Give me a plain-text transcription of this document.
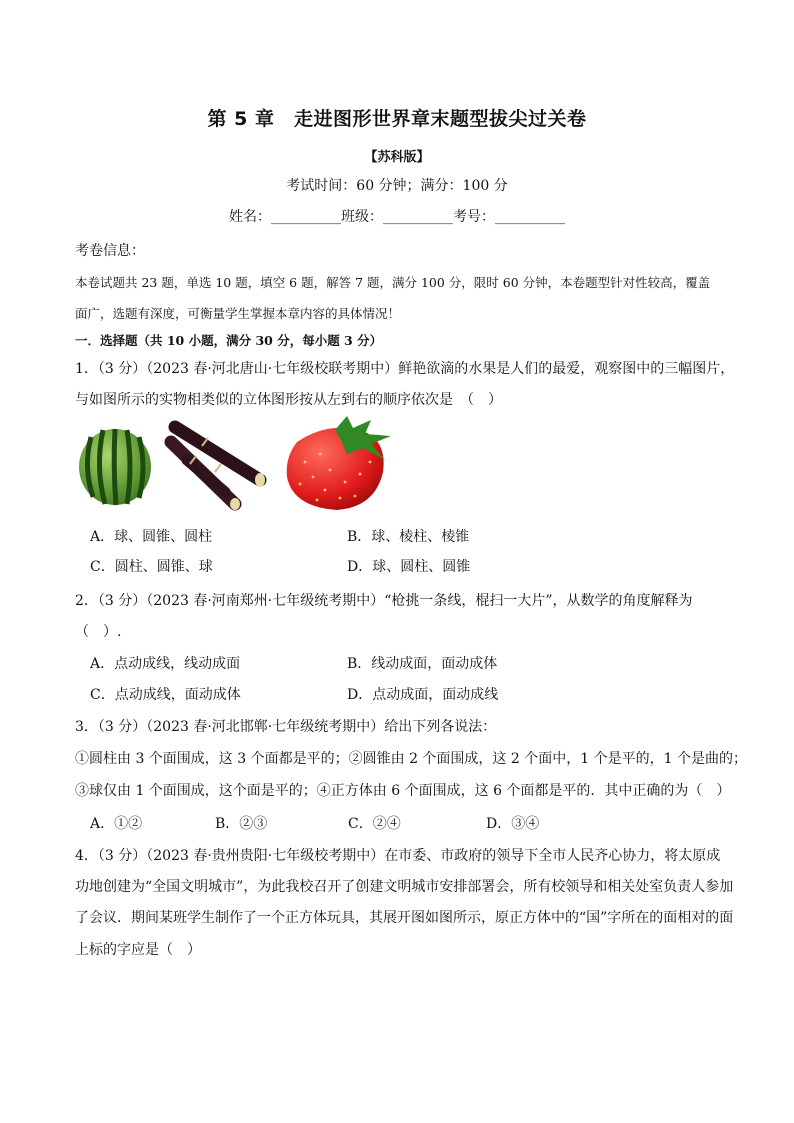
第 5 章　走进图形世界章末题型拔尖过关卷
【苏科版】
考试时间：60 分钟；满分：100 分
姓名：__________班级：__________考号：__________
考卷信息：
本卷试题共 23 题，单选 10 题，填空 6 题，解答 7 题，满分 100 分，限时 60 分钟，本卷题型针对性较高，覆盖
面广，选题有深度，可衡量学生掌握本章内容的具体情况！
一．选择题（共 10 小题，满分 30 分，每小题 3 分）
1．（3 分）（2023 春·河北唐山·七年级校联考期中）鲜艳欲滴的水果是人们的最爱，观察图中的三幅图片，
与如图所示的实物相类似的立体图形按从左到右的顺序依次是　（　）
A．球、圆锥、圆柱	B．球、棱柱、棱锥
C．圆柱、圆锥、球	D．球、圆柱、圆锥
2．（3 分）（2023 春·河南郑州·七年级统考期中）“枪挑一条线，棍扫一大片”，从数学的角度解释为
（　）.
A．点动成线，线动成面	B．线动成面，面动成体
C．点动成线，面动成体	D．点动成面，面动成线
3．（3 分）（2023 春·河北邯郸·七年级统考期中）给出下列各说法：
①圆柱由 3 个面围成，这 3 个面都是平的；②圆锥由 2 个面围成，这 2 个面中，1 个是平的，1 个是曲的；
③球仅由 1 个面围成，这个面是平的；④正方体由 6 个面围成，这 6 个面都是平的．其中正确的为（　）
A．①②	B．②③	C．②④	D．③④
4．（3 分）（2023 春·贵州贵阳·七年级校考期中）在市委、市政府的领导下全市人民齐心协力，将太原成
功地创建为“全国文明城市”，为此我校召开了创建文明城市安排部署会，所有校领导和相关处室负责人参加
了会议．期间某班学生制作了一个正方体玩具，其展开图如图所示，原正方体中的“国”字所在的面相对的面
上标的字应是（　）
